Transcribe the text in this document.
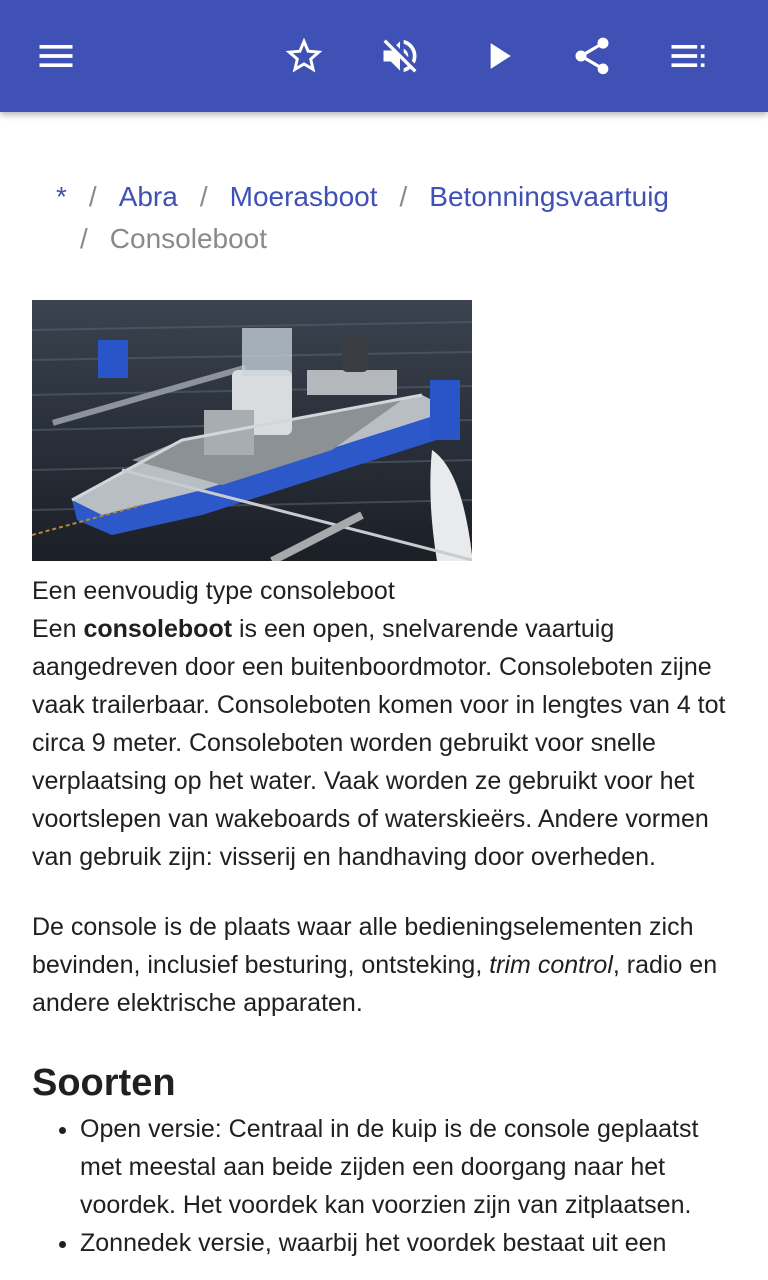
* / Abra / Moerasboot / Betonningsvaartuig
/ Consoleboot

Een eenvoudig type consoleboot

Een consoleboot is een open, snelvarende vaartuig aangedreven door een buitenboordmotor. Consoleboten zijne vaak trailerbaar. Consoleboten komen voor in lengtes van 4 tot circa 9 meter. Consoleboten worden gebruikt voor snelle verplaatsing op het water. Vaak worden ze gebruikt voor het voortslepen van wakeboards of waterskieërs. Andere vormen van gebruik zijn: visserij en handhaving door overheden.

De console is de plaats waar alle bedieningselementen zich bevinden, inclusief besturing, ontsteking, trim control, radio en andere elektrische apparaten.

Soorten
• Open versie: Centraal in de kuip is de console geplaatst met meestal aan beide zijden een doorgang naar het voordek. Het voordek kan voorzien zijn van zitplaatsen.
• Zonnedek versie, waarbij het voordek bestaat uit een
